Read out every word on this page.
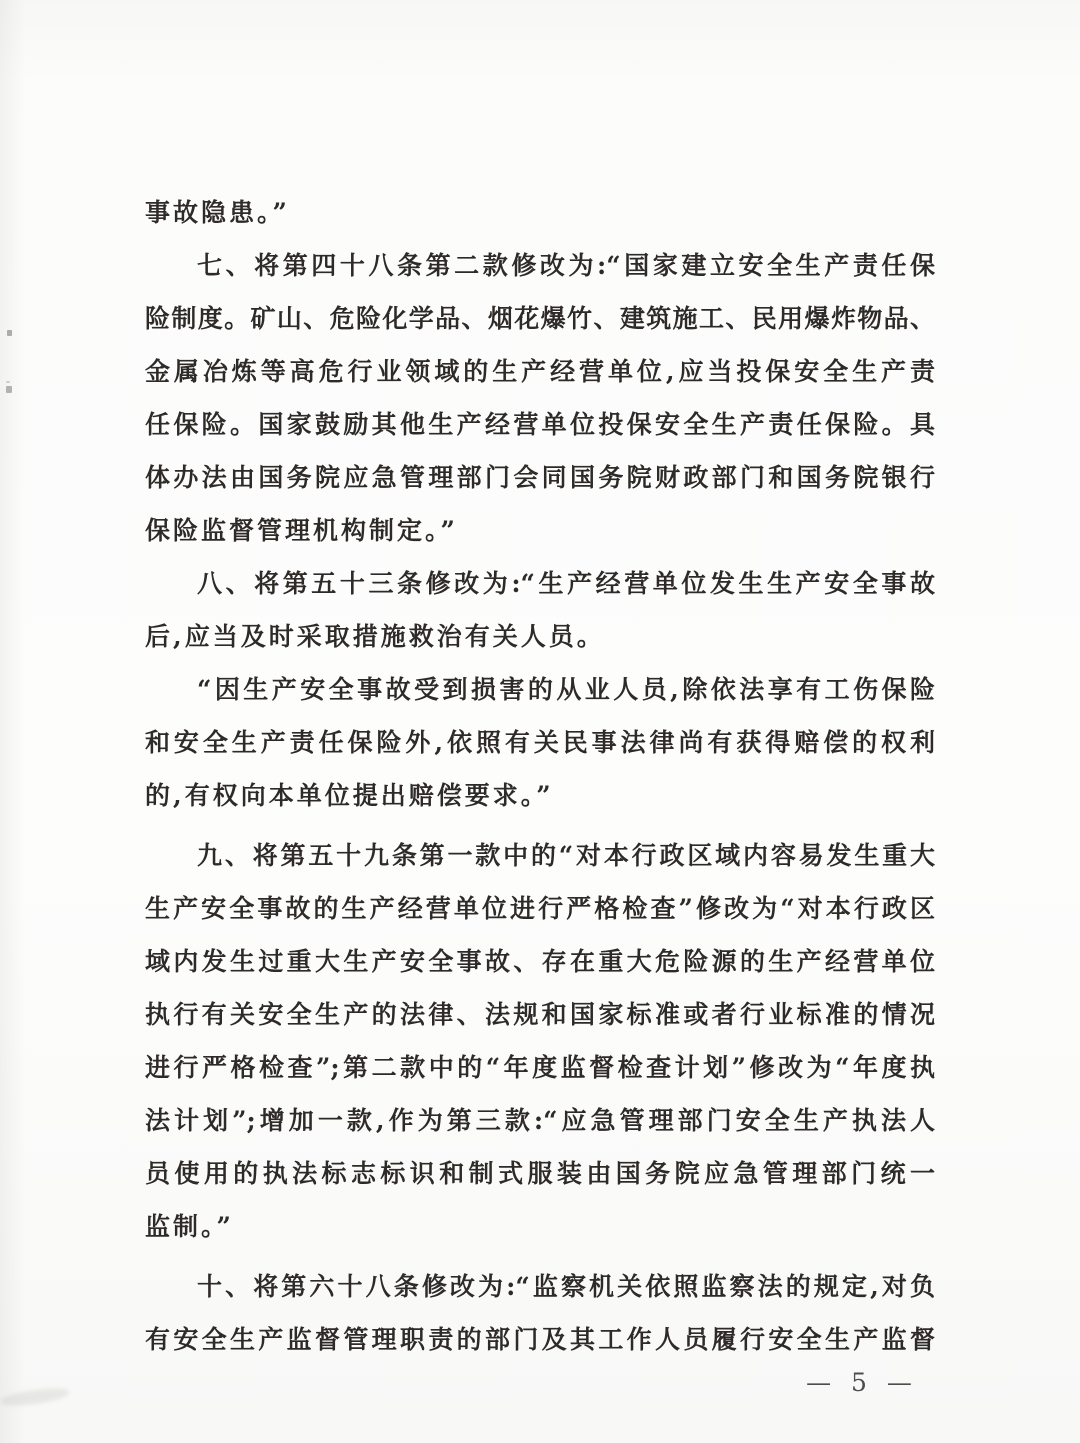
事故隐患。”

七、将第四十八条第二款修改为:“国家建立安全生产责任保
险制度。矿山、危险化学品、烟花爆竹、建筑施工、民用爆炸物品、
金属冶炼等高危行业领域的生产经营单位,应当投保安全生产责
任保险。国家鼓励其他生产经营单位投保安全生产责任保险。具
体办法由国务院应急管理部门会同国务院财政部门和国务院银行
保险监督管理机构制定。”

八、将第五十三条修改为:“生产经营单位发生生产安全事故
后,应当及时采取措施救治有关人员。

“因生产安全事故受到损害的从业人员,除依法享有工伤保险
和安全生产责任保险外,依照有关民事法律尚有获得赔偿的权利
的,有权向本单位提出赔偿要求。”

九、将第五十九条第一款中的“对本行政区域内容易发生重大
生产安全事故的生产经营单位进行严格检查”修改为“对本行政区
域内发生过重大生产安全事故、存在重大危险源的生产经营单位
执行有关安全生产的法律、法规和国家标准或者行业标准的情况
进行严格检查”;第二款中的“年度监督检查计划”修改为“年度执
法计划”;增加一款,作为第三款:“应急管理部门安全生产执法人
员使用的执法标志标识和制式服装由国务院应急管理部门统一
监制。”

十、将第六十八条修改为:“监察机关依照监察法的规定,对负
有安全生产监督管理职责的部门及其工作人员履行安全生产监督

— 5 —
